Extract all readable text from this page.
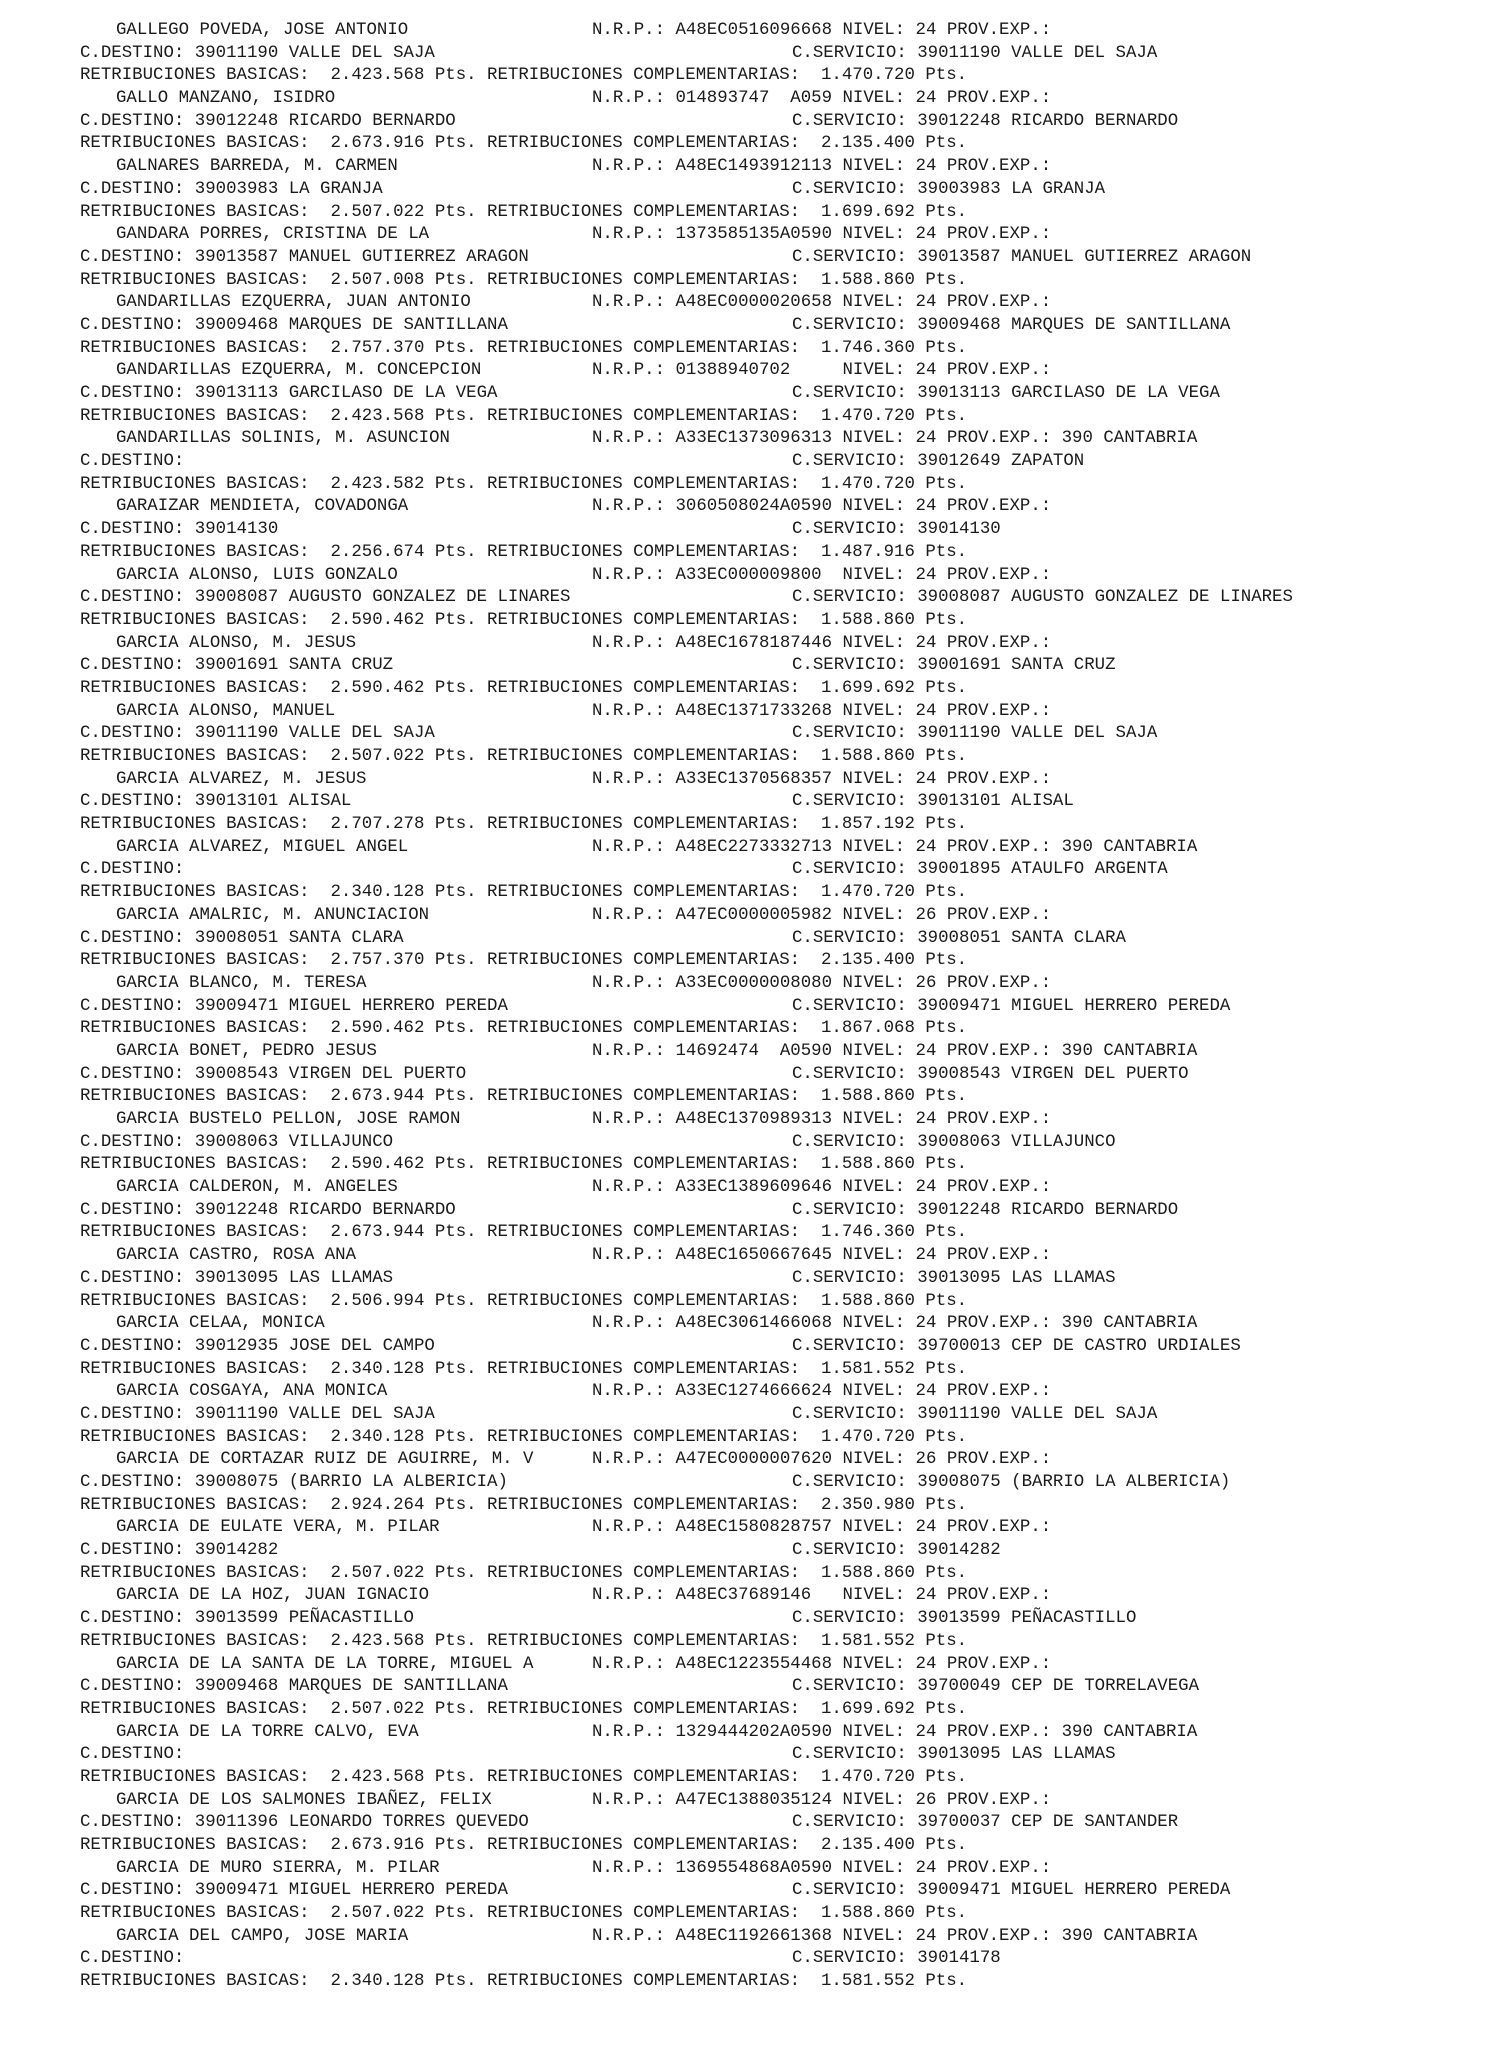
GALLEGO POVEDA, JOSE ANTONIO

	N.R.P.: A48EC0516096668 NIVEL: 24 PROV.EXP.:

C.DESTINO: 39011190 VALLE DEL SAJA

	C.SERVICIO: 39011190 VALLE DEL SAJA

RETRIBUCIONES BASICAS:  2.423.568 Pts. RETRIBUCIONES COMPLEMENTARIAS:  1.470.720 Pts.

GALLO MANZANO, ISIDRO

	N.R.P.: 014893747  A059 NIVEL: 24 PROV.EXP.:

C.DESTINO: 39012248 RICARDO BERNARDO

	C.SERVICIO: 39012248 RICARDO BERNARDO

RETRIBUCIONES BASICAS:  2.673.916 Pts. RETRIBUCIONES COMPLEMENTARIAS:  2.135.400 Pts.

GALNARES BARREDA, M. CARMEN

	N.R.P.: A48EC1493912113 NIVEL: 24 PROV.EXP.:

C.DESTINO: 39003983 LA GRANJA

	C.SERVICIO: 39003983 LA GRANJA

RETRIBUCIONES BASICAS:  2.507.022 Pts. RETRIBUCIONES COMPLEMENTARIAS:  1.699.692 Pts.

GANDARA PORRES, CRISTINA DE LA

	N.R.P.: 1373585135A0590 NIVEL: 24 PROV.EXP.:

C.DESTINO: 39013587 MANUEL GUTIERREZ ARAGON

	C.SERVICIO: 39013587 MANUEL GUTIERREZ ARAGON

RETRIBUCIONES BASICAS:  2.507.008 Pts. RETRIBUCIONES COMPLEMENTARIAS:  1.588.860 Pts.

GANDARILLAS EZQUERRA, JUAN ANTONIO

	N.R.P.: A48EC0000020658 NIVEL: 24 PROV.EXP.:

C.DESTINO: 39009468 MARQUES DE SANTILLANA

	C.SERVICIO: 39009468 MARQUES DE SANTILLANA

RETRIBUCIONES BASICAS:  2.757.370 Pts. RETRIBUCIONES COMPLEMENTARIAS:  1.746.360 Pts.

GANDARILLAS EZQUERRA, M. CONCEPCION

	N.R.P.: 01388940702     NIVEL: 24 PROV.EXP.:

C.DESTINO: 39013113 GARCILASO DE LA VEGA

	C.SERVICIO: 39013113 GARCILASO DE LA VEGA

RETRIBUCIONES BASICAS:  2.423.568 Pts. RETRIBUCIONES COMPLEMENTARIAS:  1.470.720 Pts.

GANDARILLAS SOLINIS, M. ASUNCION

	N.R.P.: A33EC1373096313 NIVEL: 24 PROV.EXP.: 390 CANTABRIA

C.DESTINO:

	C.SERVICIO: 39012649 ZAPATON

RETRIBUCIONES BASICAS:  2.423.582 Pts. RETRIBUCIONES COMPLEMENTARIAS:  1.470.720 Pts.

GARAIZAR MENDIETA, COVADONGA

	N.R.P.: 3060508024A0590 NIVEL: 24 PROV.EXP.:

C.DESTINO: 39014130

	C.SERVICIO: 39014130

RETRIBUCIONES BASICAS:  2.256.674 Pts. RETRIBUCIONES COMPLEMENTARIAS:  1.487.916 Pts.

GARCIA ALONSO, LUIS GONZALO

	N.R.P.: A33EC000009800  NIVEL: 24 PROV.EXP.:

C.DESTINO: 39008087 AUGUSTO GONZALEZ DE LINARES

	C.SERVICIO: 39008087 AUGUSTO GONZALEZ DE LINARES

RETRIBUCIONES BASICAS:  2.590.462 Pts. RETRIBUCIONES COMPLEMENTARIAS:  1.588.860 Pts.

GARCIA ALONSO, M. JESUS

	N.R.P.: A48EC1678187446 NIVEL: 24 PROV.EXP.:

C.DESTINO: 39001691 SANTA CRUZ

	C.SERVICIO: 39001691 SANTA CRUZ

RETRIBUCIONES BASICAS:  2.590.462 Pts. RETRIBUCIONES COMPLEMENTARIAS:  1.699.692 Pts.

GARCIA ALONSO, MANUEL

	N.R.P.: A48EC1371733268 NIVEL: 24 PROV.EXP.:

C.DESTINO: 39011190 VALLE DEL SAJA

	C.SERVICIO: 39011190 VALLE DEL SAJA

RETRIBUCIONES BASICAS:  2.507.022 Pts. RETRIBUCIONES COMPLEMENTARIAS:  1.588.860 Pts.

GARCIA ALVAREZ, M. JESUS

	N.R.P.: A33EC1370568357 NIVEL: 24 PROV.EXP.:

C.DESTINO: 39013101 ALISAL

	C.SERVICIO: 39013101 ALISAL

RETRIBUCIONES BASICAS:  2.707.278 Pts. RETRIBUCIONES COMPLEMENTARIAS:  1.857.192 Pts.

GARCIA ALVAREZ, MIGUEL ANGEL

	N.R.P.: A48EC2273332713 NIVEL: 24 PROV.EXP.: 390 CANTABRIA

C.DESTINO:

	C.SERVICIO: 39001895 ATAULFO ARGENTA

RETRIBUCIONES BASICAS:  2.340.128 Pts. RETRIBUCIONES COMPLEMENTARIAS:  1.470.720 Pts.

GARCIA AMALRIC, M. ANUNCIACION

	N.R.P.: A47EC0000005982 NIVEL: 26 PROV.EXP.:

C.DESTINO: 39008051 SANTA CLARA

	C.SERVICIO: 39008051 SANTA CLARA

RETRIBUCIONES BASICAS:  2.757.370 Pts. RETRIBUCIONES COMPLEMENTARIAS:  2.135.400 Pts.

GARCIA BLANCO, M. TERESA

	N.R.P.: A33EC0000008080 NIVEL: 26 PROV.EXP.:

C.DESTINO: 39009471 MIGUEL HERRERO PEREDA

	C.SERVICIO: 39009471 MIGUEL HERRERO PEREDA

RETRIBUCIONES BASICAS:  2.590.462 Pts. RETRIBUCIONES COMPLEMENTARIAS:  1.867.068 Pts.

GARCIA BONET, PEDRO JESUS

	N.R.P.: 14692474  A0590 NIVEL: 24 PROV.EXP.: 390 CANTABRIA

C.DESTINO: 39008543 VIRGEN DEL PUERTO

	C.SERVICIO: 39008543 VIRGEN DEL PUERTO

RETRIBUCIONES BASICAS:  2.673.944 Pts. RETRIBUCIONES COMPLEMENTARIAS:  1.588.860 Pts.

GARCIA BUSTELO PELLON, JOSE RAMON

	N.R.P.: A48EC1370989313 NIVEL: 24 PROV.EXP.:

C.DESTINO: 39008063 VILLAJUNCO

	C.SERVICIO: 39008063 VILLAJUNCO

RETRIBUCIONES BASICAS:  2.590.462 Pts. RETRIBUCIONES COMPLEMENTARIAS:  1.588.860 Pts.

GARCIA CALDERON, M. ANGELES

	N.R.P.: A33EC1389609646 NIVEL: 24 PROV.EXP.:

C.DESTINO: 39012248 RICARDO BERNARDO

	C.SERVICIO: 39012248 RICARDO BERNARDO

RETRIBUCIONES BASICAS:  2.673.944 Pts. RETRIBUCIONES COMPLEMENTARIAS:  1.746.360 Pts.

GARCIA CASTRO, ROSA ANA

	N.R.P.: A48EC1650667645 NIVEL: 24 PROV.EXP.:

C.DESTINO: 39013095 LAS LLAMAS

	C.SERVICIO: 39013095 LAS LLAMAS

RETRIBUCIONES BASICAS:  2.506.994 Pts. RETRIBUCIONES COMPLEMENTARIAS:  1.588.860 Pts.

GARCIA CELAA, MONICA

	N.R.P.: A48EC3061466068 NIVEL: 24 PROV.EXP.: 390 CANTABRIA

C.DESTINO: 39012935 JOSE DEL CAMPO

	C.SERVICIO: 39700013 CEP DE CASTRO URDIALES

RETRIBUCIONES BASICAS:  2.340.128 Pts. RETRIBUCIONES COMPLEMENTARIAS:  1.581.552 Pts.

GARCIA COSGAYA, ANA MONICA

	N.R.P.: A33EC1274666624 NIVEL: 24 PROV.EXP.:

C.DESTINO: 39011190 VALLE DEL SAJA

	C.SERVICIO: 39011190 VALLE DEL SAJA

RETRIBUCIONES BASICAS:  2.340.128 Pts. RETRIBUCIONES COMPLEMENTARIAS:  1.470.720 Pts.

GARCIA DE CORTAZAR RUIZ DE AGUIRRE, M. V

	N.R.P.: A47EC0000007620 NIVEL: 26 PROV.EXP.:

C.DESTINO: 39008075 (BARRIO LA ALBERICIA)

	C.SERVICIO: 39008075 (BARRIO LA ALBERICIA)

RETRIBUCIONES BASICAS:  2.924.264 Pts. RETRIBUCIONES COMPLEMENTARIAS:  2.350.980 Pts.

GARCIA DE EULATE VERA, M. PILAR

	N.R.P.: A48EC1580828757 NIVEL: 24 PROV.EXP.:

C.DESTINO: 39014282

	C.SERVICIO: 39014282

RETRIBUCIONES BASICAS:  2.507.022 Pts. RETRIBUCIONES COMPLEMENTARIAS:  1.588.860 Pts.

GARCIA DE LA HOZ, JUAN IGNACIO

	N.R.P.: A48EC37689146   NIVEL: 24 PROV.EXP.:

C.DESTINO: 39013599 PEÑACASTILLO

	C.SERVICIO: 39013599 PEÑACASTILLO

RETRIBUCIONES BASICAS:  2.423.568 Pts. RETRIBUCIONES COMPLEMENTARIAS:  1.581.552 Pts.

GARCIA DE LA SANTA DE LA TORRE, MIGUEL A

	N.R.P.: A48EC1223554468 NIVEL: 24 PROV.EXP.:

C.DESTINO: 39009468 MARQUES DE SANTILLANA

	C.SERVICIO: 39700049 CEP DE TORRELAVEGA

RETRIBUCIONES BASICAS:  2.507.022 Pts. RETRIBUCIONES COMPLEMENTARIAS:  1.699.692 Pts.

GARCIA DE LA TORRE CALVO, EVA

	N.R.P.: 1329444202A0590 NIVEL: 24 PROV.EXP.: 390 CANTABRIA

C.DESTINO:

	C.SERVICIO: 39013095 LAS LLAMAS

RETRIBUCIONES BASICAS:  2.423.568 Pts. RETRIBUCIONES COMPLEMENTARIAS:  1.470.720 Pts.

GARCIA DE LOS SALMONES IBAÑEZ, FELIX

	N.R.P.: A47EC1388035124 NIVEL: 26 PROV.EXP.:

C.DESTINO: 39011396 LEONARDO TORRES QUEVEDO

	C.SERVICIO: 39700037 CEP DE SANTANDER

RETRIBUCIONES BASICAS:  2.673.916 Pts. RETRIBUCIONES COMPLEMENTARIAS:  2.135.400 Pts.

GARCIA DE MURO SIERRA, M. PILAR

	N.R.P.: 1369554868A0590 NIVEL: 24 PROV.EXP.:

C.DESTINO: 39009471 MIGUEL HERRERO PEREDA

	C.SERVICIO: 39009471 MIGUEL HERRERO PEREDA

RETRIBUCIONES BASICAS:  2.507.022 Pts. RETRIBUCIONES COMPLEMENTARIAS:  1.588.860 Pts.

GARCIA DEL CAMPO, JOSE MARIA

	N.R.P.: A48EC1192661368 NIVEL: 24 PROV.EXP.: 390 CANTABRIA

C.DESTINO:

	C.SERVICIO: 39014178

RETRIBUCIONES BASICAS:  2.340.128 Pts. RETRIBUCIONES COMPLEMENTARIAS:  1.581.552 Pts.
